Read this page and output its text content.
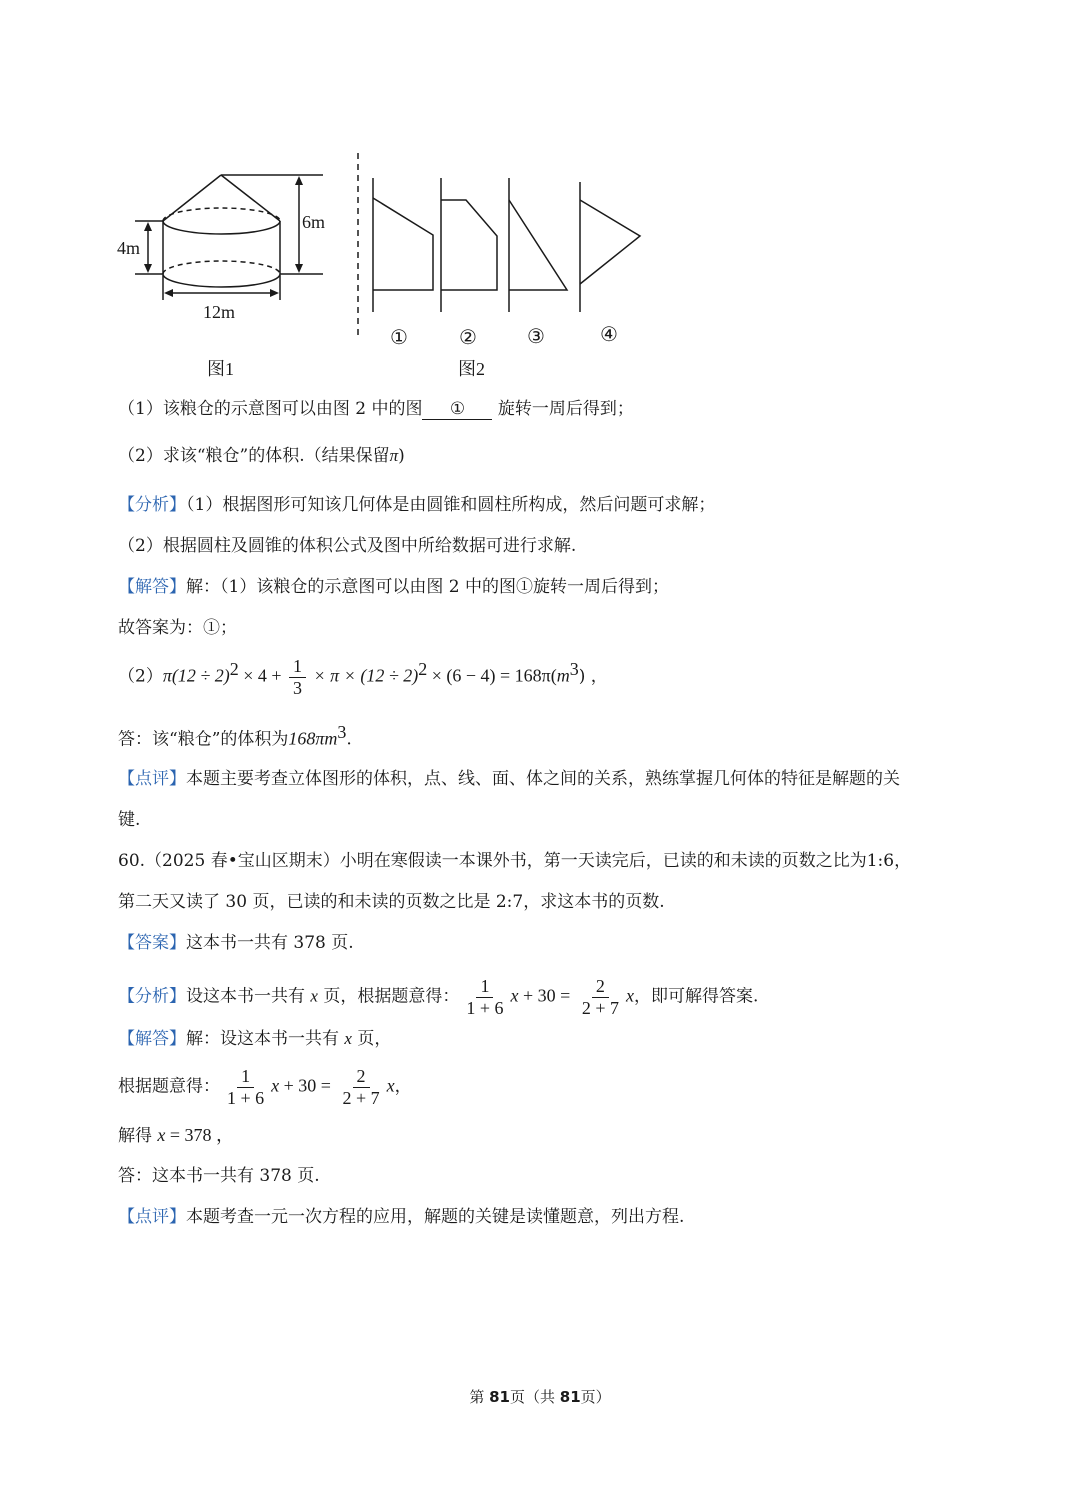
6m
4m
12m
图1
①	②	③	④
图2
（1）该粮仓的示意图可以由图 2 中的图 ① 旋转一周后得到；
（2）求该“粮仓”的体积.（结果保留π)
【分析】（1）根据图形可知该几何体是由圆锥和圆柱所构成，然后问题可求解；
（2）根据圆柱及圆锥的体积公式及图中所给数据可进行求解.
【解答】解：（1）该粮仓的示意图可以由图 2 中的图①旋转一周后得到；
故答案为：①；
$(2)\pi(12 \div 2)^2 \times 4 + \frac{1}{3} \times \pi \times (12 \div 2)^2 \times (6 - 4) = 168\pi(m^3)$ ，
答：该“粮仓”的体积为$168\pi m^3$.
【点评】本题主要考查立体图形的体积，点、线、面、体之间的关系，熟练掌握几何体的特征是解题的关
键.
60.（2025 春•宝山区期末）小明在寒假读一本课外书，第一天读完后，已读的和未读的页数之比为1:6，
第二天又读了 30 页，已读的和未读的页数之比是 2:7，求这本书的页数.
【答案】这本书一共有 378 页.
【分析】设这本书一共有 x 页，根据题意得： $\frac{1}{1 + 6}$ $x + 30 = \frac{2}{2 + 7}$ x，即可解得答案.
【解答】解：设这本书一共有 x 页，
根据题意得： $\frac{1}{1 + 6}$ $x + 30 = \frac{2}{2 + 7}$ x，
解得 x = 378 ，
答：这本书一共有 378 页.
【点评】本题考查一元一次方程的应用，解题的关键是读懂题意，列出方程.
第 81页（共 81页）
